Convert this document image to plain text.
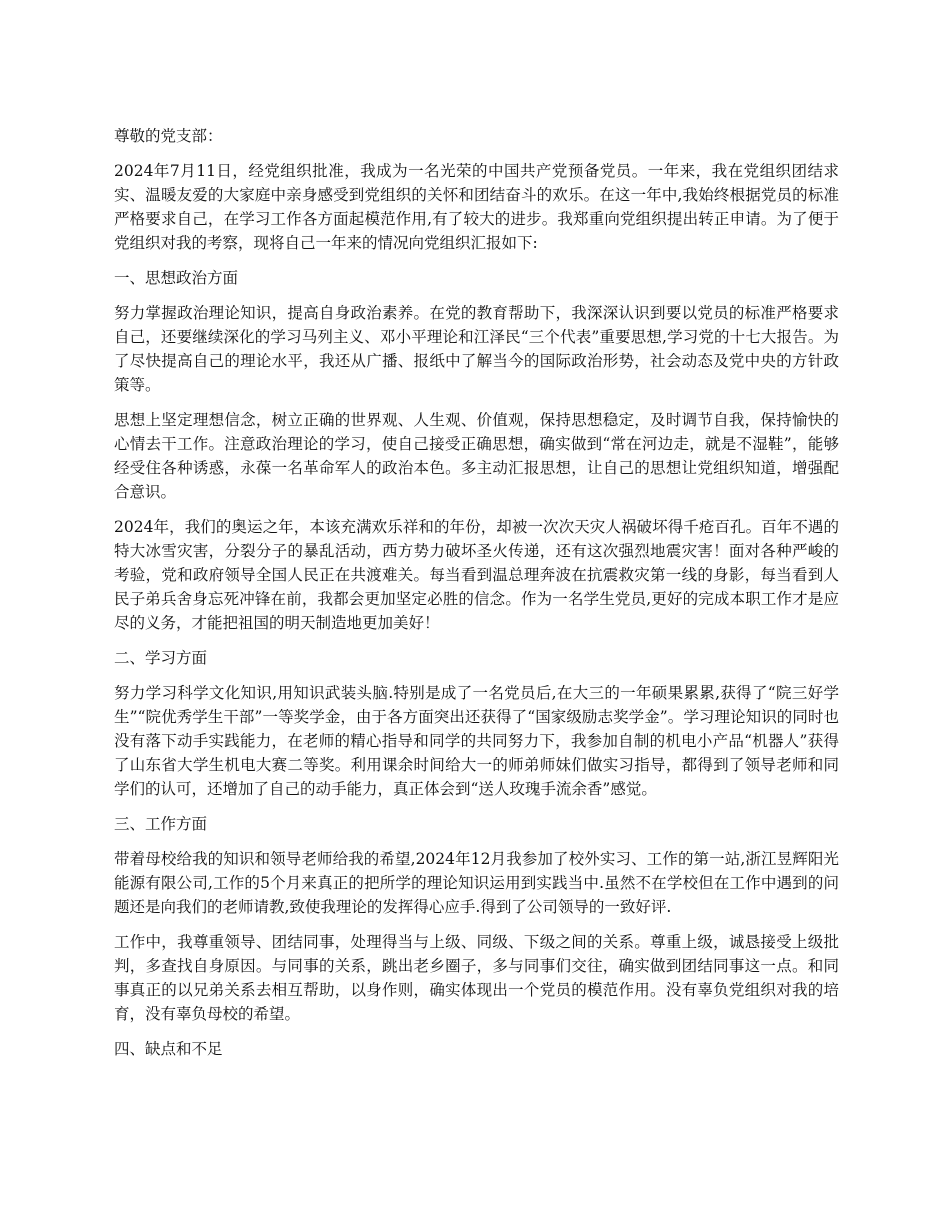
尊敬的党支部：

2024年7月11日，经党组织批准，我成为一名光荣的中国共产党预备党员。一年来，我在党组织团结求实、温暖友爱的大家庭中亲身感受到党组织的关怀和团结奋斗的欢乐。在这一年中,我始终根据党员的标准严格要求自己，在学习工作各方面起模范作用,有了较大的进步。我郑重向党组织提出转正申请。为了便于党组织对我的考察，现将自己一年来的情况向党组织汇报如下:

一、思想政治方面

努力掌握政治理论知识，提高自身政治素养。在党的教育帮助下，我深深认识到要以党员的标准严格要求自己，还要继续深化的学习马列主义、邓小平理论和江泽民“三个代表”重要思想,学习党的十七大报告。为了尽快提高自己的理论水平，我还从广播、报纸中了解当今的国际政治形势，社会动态及党中央的方针政策等。

思想上坚定理想信念，树立正确的世界观、人生观、价值观，保持思想稳定，及时调节自我，保持愉快的心情去干工作。注意政治理论的学习，使自己接受正确思想，确实做到“常在河边走，就是不湿鞋”，能够经受住各种诱惑，永葆一名革命军人的政治本色。多主动汇报思想，让自己的思想让党组织知道，增强配合意识。

2024年，我们的奥运之年，本该充满欢乐祥和的年份，却被一次次天灾人祸破坏得千疮百孔。百年不遇的特大冰雪灾害，分裂分子的暴乱活动，西方势力破坏圣火传递，还有这次强烈地震灾害！面对各种严峻的考验，党和政府领导全国人民正在共渡难关。每当看到温总理奔波在抗震救灾第一线的身影，每当看到人民子弟兵舍身忘死冲锋在前，我都会更加坚定必胜的信念。作为一名学生党员,更好的完成本职工作才是应尽的义务，才能把祖国的明天制造地更加美好！

二、学习方面

努力学习科学文化知识,用知识武装头脑.特别是成了一名党员后,在大三的一年硕果累累,获得了“院三好学生”“院优秀学生干部”一等奖学金，由于各方面突出还获得了“国家级励志奖学金”。学习理论知识的同时也没有落下动手实践能力，在老师的精心指导和同学的共同努力下，我参加自制的机电小产品“机器人”获得了山东省大学生机电大赛二等奖。利用课余时间给大一的师弟师妹们做实习指导，都得到了领导老师和同学们的认可，还增加了自己的动手能力，真正体会到“送人玫瑰手流余香”感觉。

三、工作方面

带着母校给我的知识和领导老师给我的希望,2024年12月我参加了校外实习、工作的第一站,浙江昱辉阳光能源有限公司,工作的5个月来真正的把所学的理论知识运用到实践当中.虽然不在学校但在工作中遇到的问题还是向我们的老师请教,致使我理论的发挥得心应手.得到了公司领导的一致好评.

工作中，我尊重领导、团结同事，处理得当与上级、同级、下级之间的关系。尊重上级，诚恳接受上级批判，多查找自身原因。与同事的关系，跳出老乡圈子，多与同事们交往，确实做到团结同事这一点。和同事真正的以兄弟关系去相互帮助，以身作则，确实体现出一个党员的模范作用。没有辜负党组织对我的培育，没有辜负母校的希望。

四、缺点和不足
